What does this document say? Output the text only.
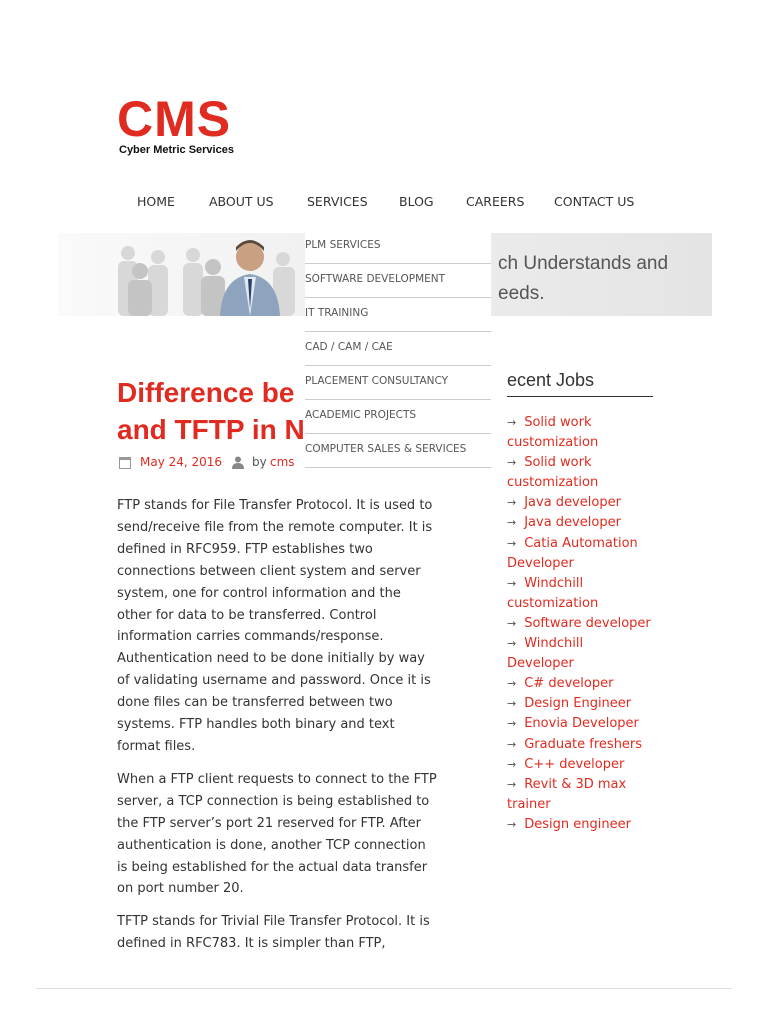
CMS
Cyber Metric Services
HOME	ABOUT US	SERVICES	BLOG	CAREERS CONTACT US
ch Understands and
eeds.
PLM SERVICES
SOFTWARE DEVELOPMENT
IT TRAINING
CAD / CAM / CAE
PLACEMENT CONSULTANCY
ACADEMIC PROJECTS
COMPUTER SALES & SERVICES
Difference be
and TFTP in N
May 24, 2016 by cms

FTP stands for File Transfer Protocol. It is used to send/receive file from the remote computer. It is defined in RFC959. FTP establishes two connections between client system and server system, one for control information and the other for data to be transferred. Control information carries commands/response. Authentication need to be done initially by way of validating username and password. Once it is done files can be transferred between two systems. FTP handles both binary and text format files.

When a FTP client requests to connect to the FTP server, a TCP connection is being established to the FTP server’s port 21 reserved for FTP. After authentication is done, another TCP connection is being established for the actual data transfer on port number 20.

TFTP stands for Trivial File Transfer Protocol. It is defined in RFC783. It is simpler than FTP,

ecent Jobs
→ Solid work customization
→ Solid work customization
→ Java developer
→ Java developer
→ Catia Automation Developer
→ Windchill customization
→ Software developer
→ Windchill Developer
→ C# developer
→ Design Engineer
→ Enovia Developer
→ Graduate freshers
→ C++ developer
→ Revit & 3D max trainer
→ Design engineer
